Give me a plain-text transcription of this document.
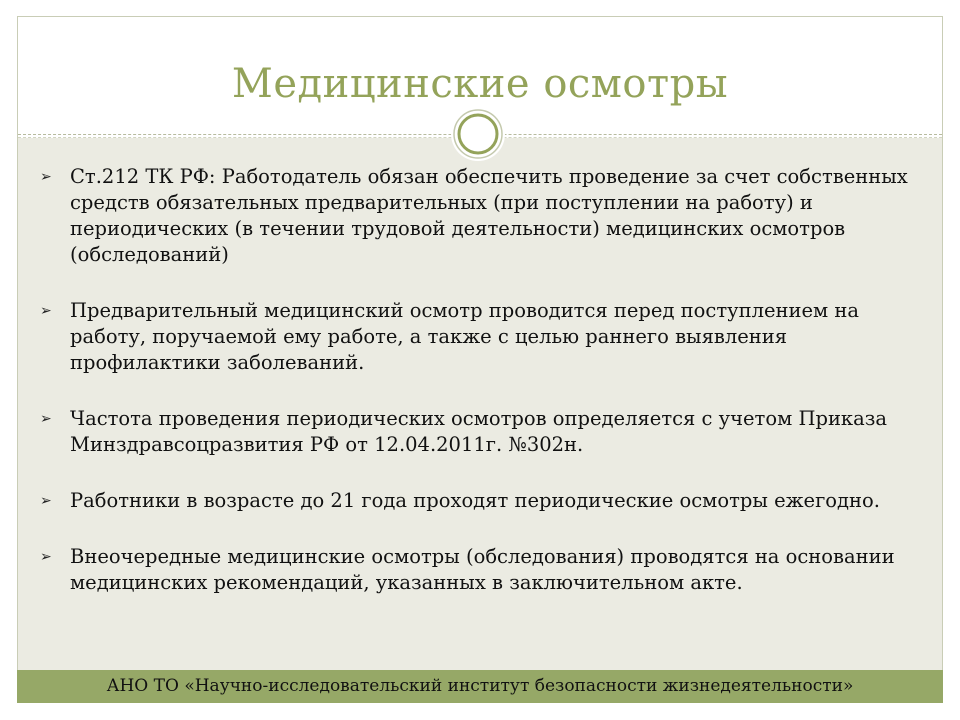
Медицинские осмотры
➢ Ст.212 ТК РФ: Работодатель обязан обеспечить проведение за счет собственных средств обязательных предварительных (при поступлении на работу) и периодических (в течении трудовой деятельности) медицинских осмотров (обследований)
➢ Предварительный медицинский осмотр проводится перед поступлением на работу, поручаемой ему работе, а также с целью раннего выявления профилактики заболеваний.
➢ Частота проведения периодических осмотров определяется с учетом Приказа Минздравсоцразвития РФ от 12.04.2011г. №302н.
➢ Работники в возрасте до 21 года проходят периодические осмотры ежегодно.
➢ Внеочередные медицинские осмотры (обследования) проводятся на основании медицинских рекомендаций, указанных в заключительном акте.
АНО ТО «Научно-исследовательский институт безопасности жизнедеятельности»
